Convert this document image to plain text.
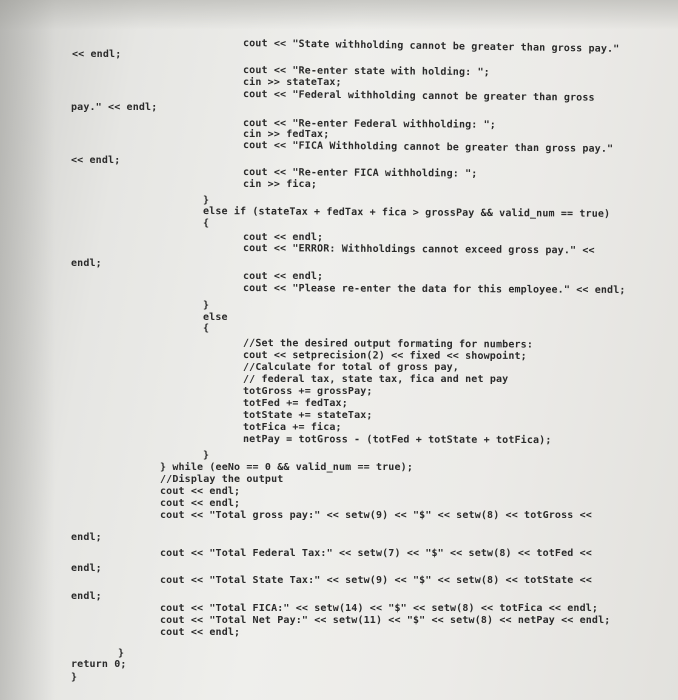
cout << "State withholding cannot be greater than gross pay."
<< endl;
cout << "Re-enter state with holding: ";
cin >> stateTax;
cout << "Federal withholding cannot be greater than gross
pay." << endl;
cout << "Re-enter Federal withholding: ";
cin >> fedTax;
cout << "FICA Withholding cannot be greater than gross pay."
<< endl;
cout << "Re-enter FICA withholding: ";
cin >> fica;
}
else if (stateTax + fedTax + fica > grossPay && valid_num == true)
{
cout << endl;
cout << "ERROR: Withholdings cannot exceed gross pay." <<
endl;
cout << endl;
cout << "Please re-enter the data for this employee." << endl;
}
else
{
//Set the desired output formating for numbers:
cout << setprecision(2) << fixed << showpoint;
//Calculate for total of gross pay,
// federal tax, state tax, fica and net pay
totGross += grossPay;
totFed += fedTax;
totState += stateTax;
totFica += fica;
netPay = totGross - (totFed + totState + totFica);
}
} while (eeNo == 0 && valid_num == true);
//Display the output
cout << endl;
cout << endl;
cout << "Total gross pay:" << setw(9) << "$" << setw(8) << totGross <<
endl;
cout << "Total Federal Tax:" << setw(7) << "$" << setw(8) << totFed <<
endl;
cout << "Total State Tax:" << setw(9) << "$" << setw(8) << totState <<
endl;
cout << "Total FICA:" << setw(14) << "$" << setw(8) << totFica << endl;
cout << "Total Net Pay:" << setw(11) << "$" << setw(8) << netPay << endl;
cout << endl;
}
return 0;
}
